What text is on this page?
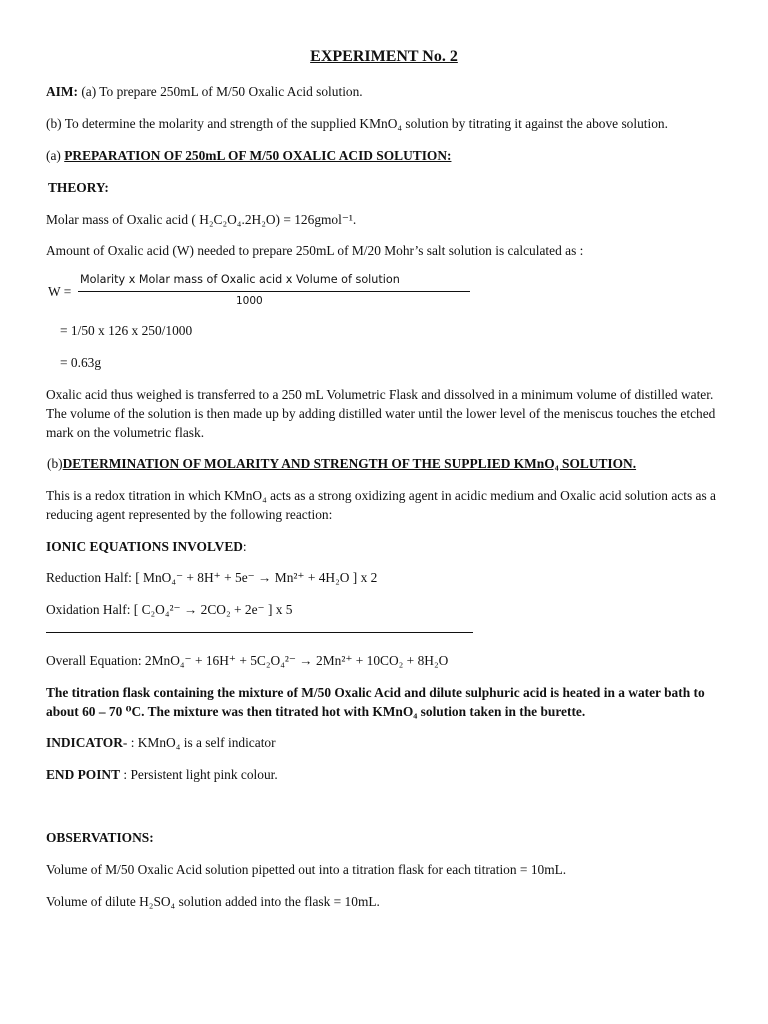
EXPERIMENT No. 2
AIM: (a) To prepare 250mL of M/50 Oxalic Acid solution.
(b) To determine the molarity and strength of the supplied KMnO₄ solution by titrating it against the above solution.
(a) PREPARATION OF 250mL OF M/50 OXALIC ACID SOLUTION:
THEORY:
Molar mass of Oxalic acid ( H₂C₂O₄.2H₂O) = 126gmol⁻¹.
Amount of Oxalic acid (W) needed to prepare 250mL of M/20 Mohr’s salt solution is calculated as :
W =
Molarity x Molar mass of Oxalic acid x Volume of solution
1000
= 1/50 x 126 x 250/1000
= 0.63g
Oxalic acid thus weighed is transferred to a 250 mL Volumetric Flask and dissolved in a minimum volume of distilled water. The volume of the solution is then made up by adding distilled water until the lower level of the meniscus touches the etched mark on the volumetric flask.
(b)DETERMINATION OF MOLARITY AND STRENGTH OF THE SUPPLIED KMnO₄ SOLUTION.
This is a redox titration in which KMnO₄ acts as a strong oxidizing agent in acidic medium and Oxalic acid solution acts as a reducing agent represented by the following reaction:
IONIC EQUATIONS INVOLVED:
Reduction Half: [ MnO₄⁻ + 8H⁺ + 5e⁻ → Mn²⁺ + 4H₂O ] x 2
Oxidation Half: [ C₂O₄²⁻ → 2CO₂ + 2e⁻ ] x 5
Overall Equation: 2MnO₄⁻ + 16H⁺ + 5C₂O₄²⁻ → 2Mn²⁺ + 10CO₂ + 8H₂O
The titration flask containing the mixture of M/50 Oxalic Acid and dilute sulphuric acid is heated in a water bath to about 60 – 70 ⁰C. The mixture was then titrated hot with KMnO₄ solution taken in the burette.
INDICATOR- : KMnO₄ is a self indicator
END POINT : Persistent light pink colour.
OBSERVATIONS:
Volume of M/50 Oxalic Acid solution pipetted out into a titration flask for each titration = 10mL.
Volume of dilute H₂SO₄ solution added into the flask = 10mL.
